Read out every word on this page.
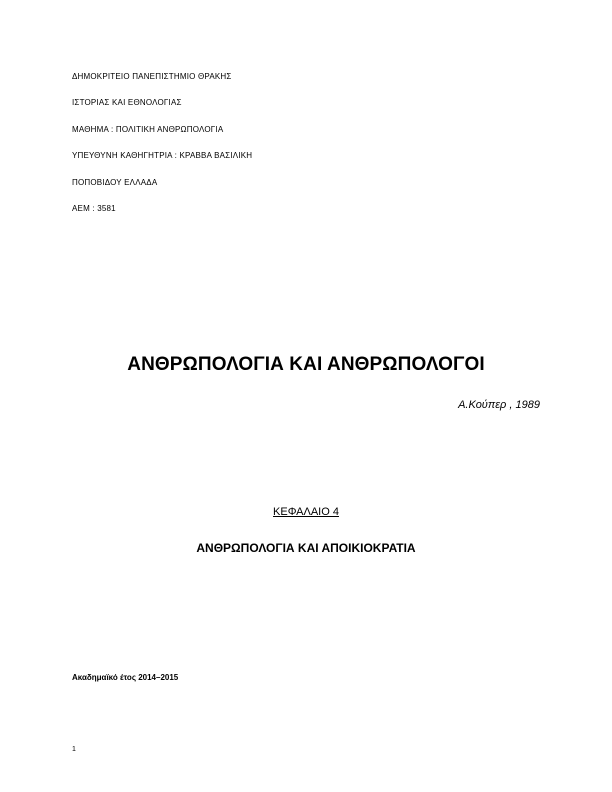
ΔΗΜΟΚΡΙΤΕΙΟ ΠΑΝΕΠΙΣΤΗΜΙΟ ΘΡΑΚΗΣ
ΙΣΤΟΡΙΑΣ ΚΑΙ ΕΘΝΟΛΟΓΙΑΣ
ΜΑΘΗΜΑ : ΠΟΛΙΤΙΚΗ ΑΝΘΡΩΠΟΛΟΓΙΑ
ΥΠΕΥΘΥΝΗ ΚΑΘΗΓΗΤΡΙΑ : ΚΡΑΒΒΑ ΒΑΣΙΛΙΚΗ
ΠΟΠΟΒΙΔΟΥ ΕΛΛΑΔΑ
ΑΕΜ : 3581
ΑΝΘΡΩΠΟΛΟΓΙΑ ΚΑΙ ΑΝΘΡΩΠΟΛΟΓΟΙ
Α.Κούπερ , 1989
ΚΕΦΑΛΑΙΟ 4
ΑΝΘΡΩΠΟΛΟΓΙΑ ΚΑΙ ΑΠΟΙΚΙΟΚΡΑΤΙΑ
Ακαδημαϊκό έτος 2014–2015
1
